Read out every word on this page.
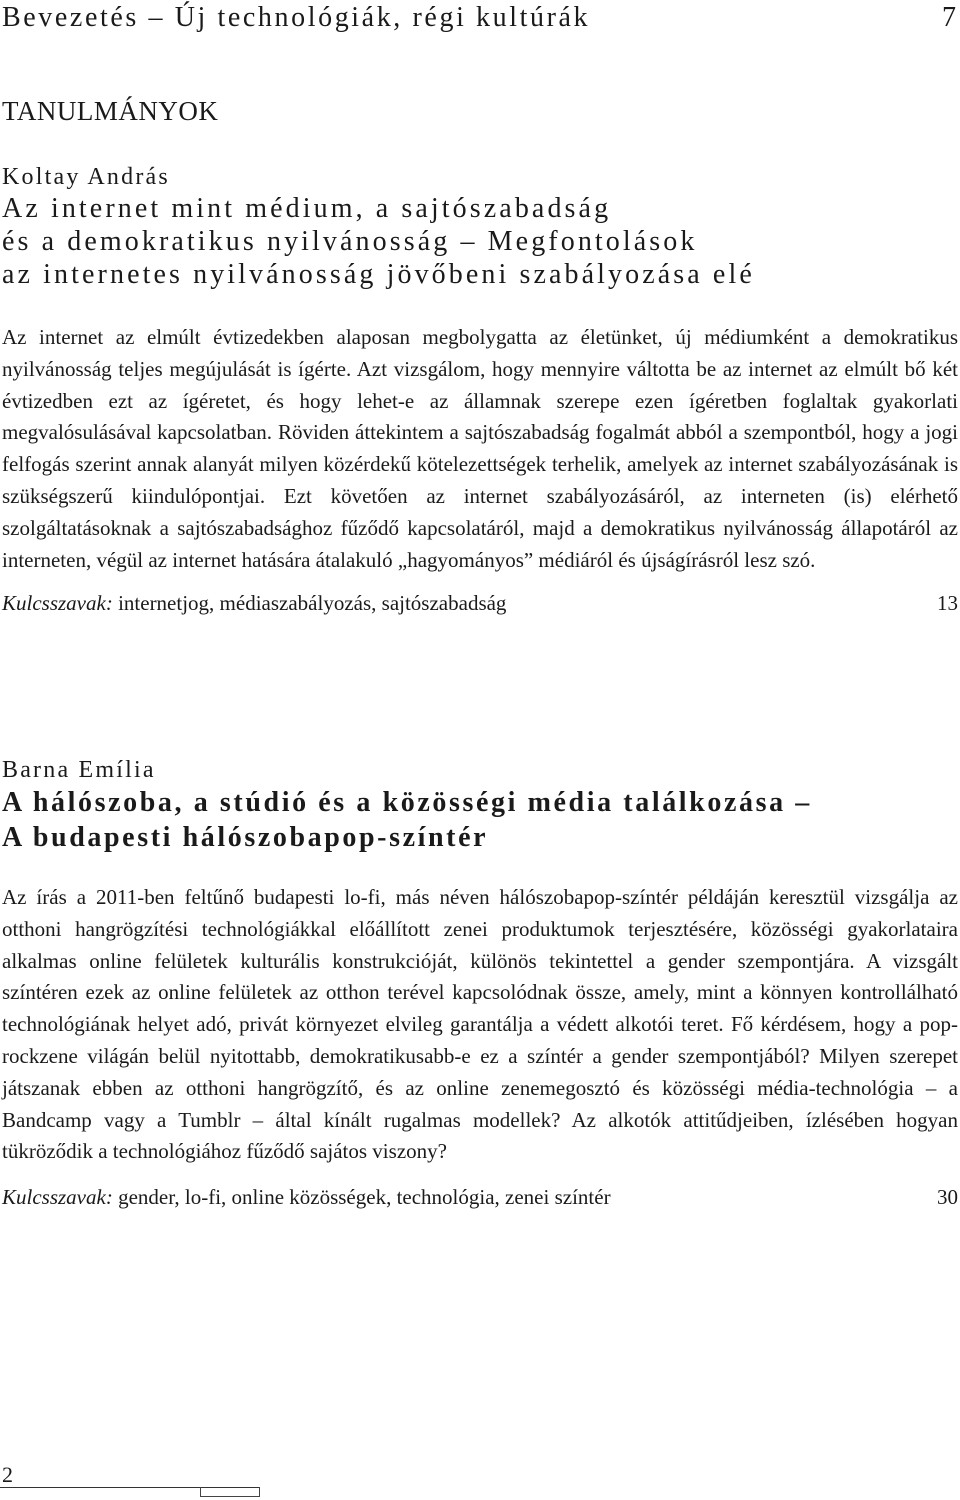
Bevezetés – Új technológiák, régi kultúrák	7
TANULMÁNYOK
Koltay András
Az internet mint médium, a sajtószabadság
és a demokratikus nyilvánosság – Megfontolások
az internetes nyilvánosság jövőbeni szabályozása elé
Az internet az elmúlt évtizedekben alaposan megbolygatta az életünket, új médiumként a demokratikus nyilvánosság teljes megújulását is ígérte. Azt vizsgálom, hogy mennyire váltotta be az internet az elmúlt bő két évtizedben ezt az ígéretet, és hogy lehet-e az államnak szerepe ezen ígéretben foglaltak gyakorlati megvalósulásával kapcsolatban. Röviden áttekintem a sajtószabadság fogalmát abból a szempontból, hogy a jogi felfogás szerint annak alanyát milyen közérdekű kötelezettségek terhelik, amelyek az internet szabályozásának is szükségszerű kiindulópontjai. Ezt követően az internet szabályozásáról, az interneten (is) elérhető szolgáltatásoknak a sajtószabadsághoz fűződő kapcsolatáról, majd a demokratikus nyilvánosság állapotáról az interneten, végül az internet hatására átalakuló „hagyományos” médiáról és újságírásról lesz szó.
Kulcsszavak: internetjog, médiaszabályozás, sajtószabadság	13
Barna Emília
A hálószoba, a stúdió és a közösségi média találkozása –
A budapesti hálószobapop-színtér
Az írás a 2011-ben feltűnő budapesti lo-fi, más néven hálószobapop-színtér példáján keresztül vizsgálja az otthoni hangrögzítési technológiákkal előállított zenei produktumok terjesztésére, közösségi gyakorlataira alkalmas online felületek kulturális konstrukcióját, különös tekintettel a gender szempontjára. A vizsgált színtéren ezek az online felületek az otthon terével kapcsolódnak össze, amely, mint a könnyen kontrollálható technológiának helyet adó, privát környezet elvileg garantálja a védett alkotói teret. Fő kérdésem, hogy a pop-rockzene világán belül nyitottabb, demokratikusabb-e ez a színtér a gender szempontjából? Milyen szerepet játszanak ebben az otthoni hangrögzítő, és az online zenemegosztó és közösségi média-technológia – a Bandcamp vagy a Tumblr – által kínált rugalmas modellek? Az alkotók attitűdjeiben, ízlésében hogyan tükröződik a technológiához fűződő sajátos viszony?
Kulcsszavak: gender, lo-fi, online közösségek, technológia, zenei színtér	30
2
